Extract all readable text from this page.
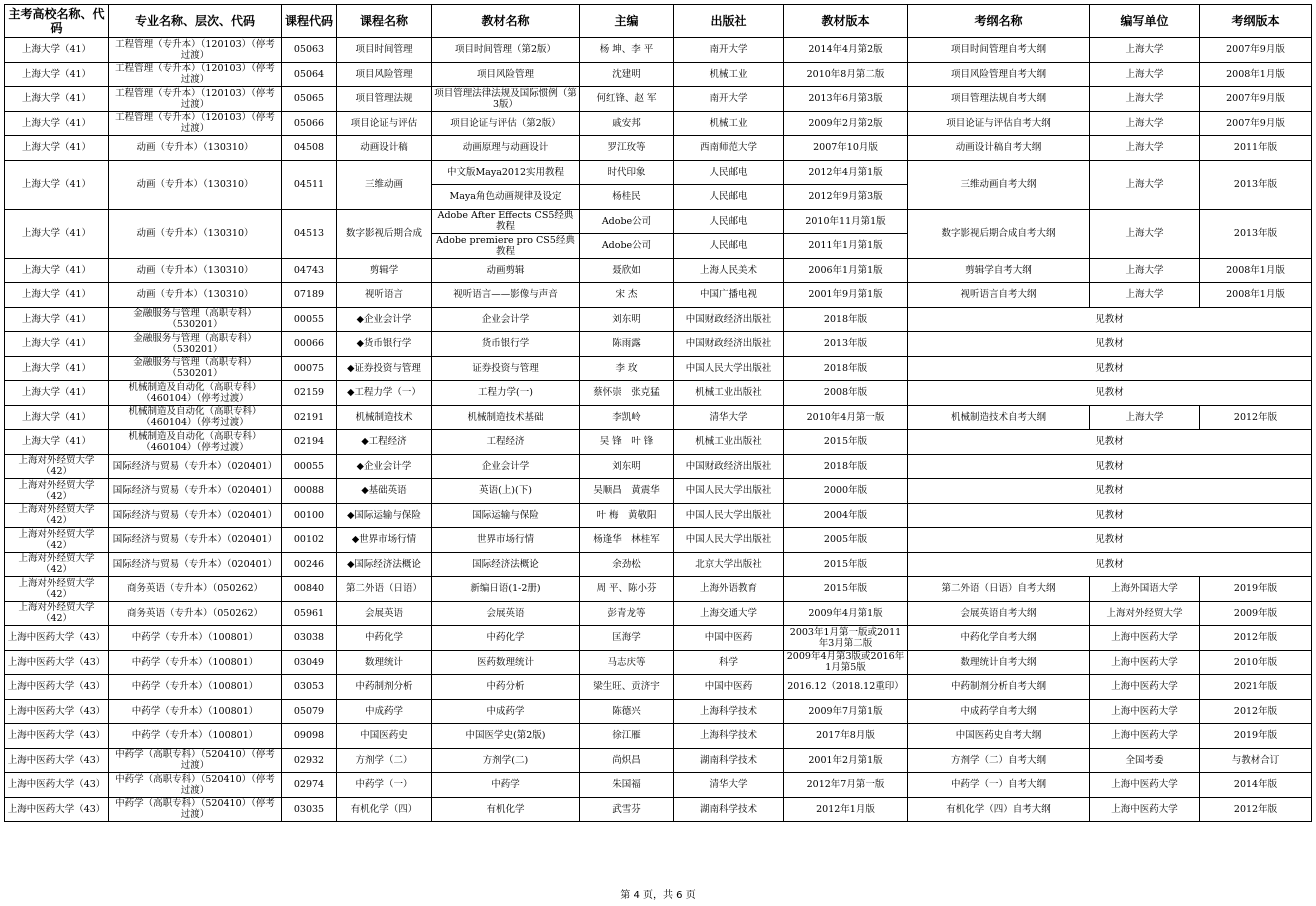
主考高校名称、代码	专业名称、层次、代码	课程代码	课程名称	教材名称	主编	出版社	教材版本	考纲名称	编写单位	考纲版本
上海大学（41）	工程管理（专升本）（120103）（停考过渡）	05063	项目时间管理	项目时间管理（第2版）	杨 坤、李 平	南开大学	2014年4月第2版	项目时间管理自考大纲	上海大学	2007年9月版
上海大学（41）	工程管理（专升本）（120103）（停考过渡）	05064	项目风险管理	项目风险管理	沈建明	机械工业	2010年8月第二版	项目风险管理自考大纲	上海大学	2008年1月版
上海大学（41）	工程管理（专升本）（120103）（停考过渡）	05065	项目管理法规	项目管理法律法规及国际惯例（第3版）	何红锋、赵 军	南开大学	2013年6月第3版	项目管理法规自考大纲	上海大学	2007年9月版
上海大学（41）	工程管理（专升本）（120103）（停考过渡）	05066	项目论证与评估	项目论证与评估（第2版）	戚安邦	机械工业	2009年2月第2版	项目论证与评估自考大纲	上海大学	2007年9月版
上海大学（41）	动画（专升本）（130310）	04508	动画设计稿	动画原理与动画设计	罗江玫等	西南师范大学	2007年10月版	动画设计稿自考大纲	上海大学	2011年版
上海大学（41）	动画（专升本）（130310）	04511	三维动画	中文版Maya2012实用教程	时代印象	人民邮电	2012年4月第1版	三维动画自考大纲	上海大学	2013年版
				Maya角色动画规律及设定	杨桂民	人民邮电	2012年9月第3版			
上海大学（41）	动画（专升本）（130310）	04513	数字影视后期合成	Adobe After Effects CS5经典教程	Adobe公司	人民邮电	2010年11月第1版	数字影视后期合成自考大纲	上海大学	2013年版
				Adobe premiere pro CS5经典教程	Adobe公司	人民邮电	2011年1月第1版			
上海大学（41）	动画（专升本）（130310）	04743	剪辑学	动画剪辑	聂欣如	上海人民美术	2006年1月第1版	剪辑学自考大纲	上海大学	2008年1月版
上海大学（41）	动画（专升本）（130310）	07189	视听语言	视听语言——影像与声音	宋 杰	中国广播电视	2001年9月第1版	视听语言自考大纲	上海大学	2008年1月版
上海大学（41）	金融服务与管理（高职专科）（530201）	00055	◆企业会计学	企业会计学	刘东明	中国财政经济出版社	2018年版	见教材		
上海大学（41）	金融服务与管理（高职专科）（530201）	00066	◆货币银行学	货币银行学	陈雨露	中国财政经济出版社	2013年版	见教材		
上海大学（41）	金融服务与管理（高职专科）（530201）	00075	◆证券投资与管理	证券投资与管理	李 玫	中国人民大学出版社	2018年版	见教材		
上海大学（41）	机械制造及自动化（高职专科）（460104）（停考过渡）	02159	◆工程力学（一）	工程力学(一)	蔡怀崇　张克猛	机械工业出版社	2008年版	见教材		
上海大学（41）	机械制造及自动化（高职专科）（460104）（停考过渡）	02191	机械制造技术	机械制造技术基础	李凯岭	清华大学	2010年4月第一版	机械制造技术自考大纲	上海大学	2012年版
上海大学（41）	机械制造及自动化（高职专科）（460104）（停考过渡）	02194	◆工程经济	工程经济	吴 锋　叶 锋	机械工业出版社	2015年版	见教材		
上海对外经贸大学（42）	国际经济与贸易（专升本）（020401）	00055	◆企业会计学	企业会计学	刘东明	中国财政经济出版社	2018年版	见教材		
上海对外经贸大学（42）	国际经济与贸易（专升本）（020401）	00088	◆基础英语	英语(上)(下)	吴顺昌　黄震华	中国人民大学出版社	2000年版	见教材		
上海对外经贸大学（42）	国际经济与贸易（专升本）（020401）	00100	◆国际运输与保险	国际运输与保险	叶 梅　黄敬阳	中国人民大学出版社	2004年版	见教材		
上海对外经贸大学（42）	国际经济与贸易（专升本）（020401）	00102	◆世界市场行情	世界市场行情	杨逢华　林桂军	中国人民大学出版社	2005年版	见教材		
上海对外经贸大学（42）	国际经济与贸易（专升本）（020401）	00246	◆国际经济法概论	国际经济法概论	余劲松	北京大学出版社	2015年版	见教材		
上海对外经贸大学（42）	商务英语（专升本）（050262）	00840	第二外语（日语）	新编日语(1-2册)	周 平、陈小芬	上海外语教育	2015年版	第二外语（日语）自考大纲	上海外国语大学	2019年版
上海对外经贸大学（42）	商务英语（专升本）（050262）	05961	会展英语	会展英语	彭青龙等	上海交通大学	2009年4月第1版	会展英语自考大纲	上海对外经贸大学	2009年版
上海中医药大学（43）	中药学（专升本）（100801）	03038	中药化学	中药化学	匡海学	中国中医药	2003年1月第一版或2011年3月第二版	中药化学自考大纲	上海中医药大学	2012年版
上海中医药大学（43）	中药学（专升本）（100801）	03049	数理统计	医药数理统计	马志庆等	科学	2009年4月第3版或2016年1月第5版	数理统计自考大纲	上海中医药大学	2010年版
上海中医药大学（43）	中药学（专升本）（100801）	03053	中药制剂分析	中药分析	梁生旺、贡济宇	中国中医药	2016.12（2018.12重印）	中药制剂分析自考大纲	上海中医药大学	2021年版
上海中医药大学（43）	中药学（专升本）（100801）	05079	中成药学	中成药学	陈德兴	上海科学技术	2009年7月第1版	中成药学自考大纲	上海中医药大学	2012年版
上海中医药大学（43）	中药学（专升本）（100801）	09098	中国医药史	中国医学史(第2版)	徐江雁	上海科学技术	2017年8月版	中国医药史自考大纲	上海中医药大学	2019年版
上海中医药大学（43）	中药学（高职专科）（520410）（停考过渡）	02932	方剂学（二）	方剂学(二)	尚炽昌	湖南科学技术	2001年2月第1版	方剂学（二）自考大纲	全国考委	与教材合订
上海中医药大学（43）	中药学（高职专科）（520410）（停考过渡）	02974	中药学（一）	中药学	朱国福	清华大学	2012年7月第一版	中药学（一）自考大纲	上海中医药大学	2014年版
上海中医药大学（43）	中药学（高职专科）（520410）（停考过渡）	03035	有机化学（四）	有机化学	武雪芬	湖南科学技术	2012年1月版	有机化学（四）自考大纲	上海中医药大学	2012年版
第 4 页，共 6 页
